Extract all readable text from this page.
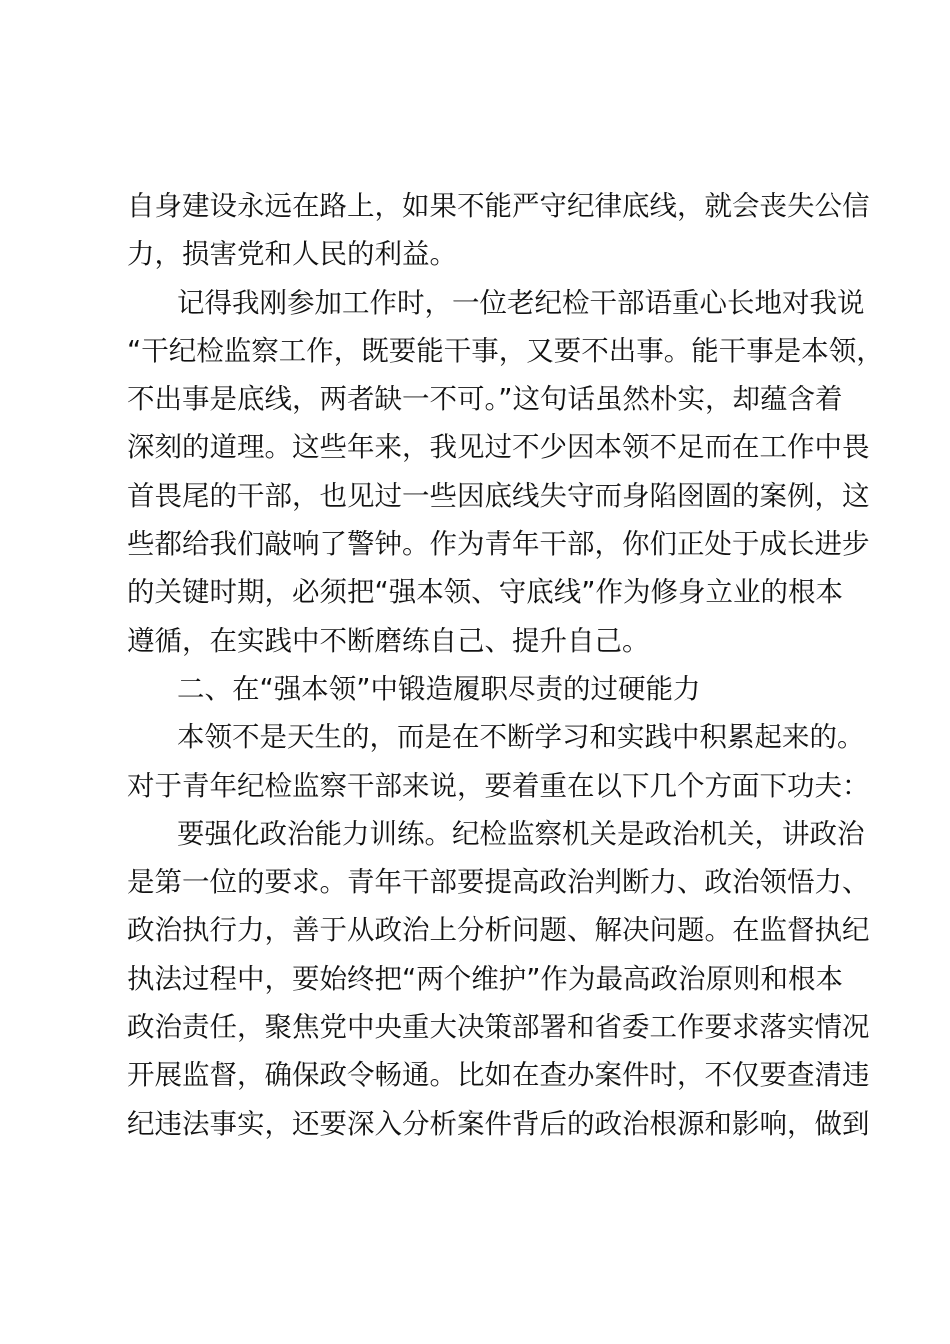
自身建设永远在路上，如果不能严守纪律底线，就会丧失公信
力，损害党和人民的利益。
记得我刚参加工作时，一位老纪检干部语重心长地对我说
“干纪检监察工作，既要能干事，又要不出事。能干事是本领，
不出事是底线，两者缺一不可。”这句话虽然朴实，却蕴含着
深刻的道理。这些年来，我见过不少因本领不足而在工作中畏
首畏尾的干部，也见过一些因底线失守而身陷囹圄的案例，这
些都给我们敲响了警钟。作为青年干部，你们正处于成长进步
的关键时期，必须把“强本领、守底线”作为修身立业的根本
遵循，在实践中不断磨练自己、提升自己。
二、在“强本领”中锻造履职尽责的过硬能力
本领不是天生的，而是在不断学习和实践中积累起来的。
对于青年纪检监察干部来说，要着重在以下几个方面下功夫：
要强化政治能力训练。纪检监察机关是政治机关，讲政治
是第一位的要求。青年干部要提高政治判断力、政治领悟力、
政治执行力，善于从政治上分析问题、解决问题。在监督执纪
执法过程中，要始终把“两个维护”作为最高政治原则和根本
政治责任，聚焦党中央重大决策部署和省委工作要求落实情况
开展监督，确保政令畅通。比如在查办案件时，不仅要查清违
纪违法事实，还要深入分析案件背后的政治根源和影响，做到
